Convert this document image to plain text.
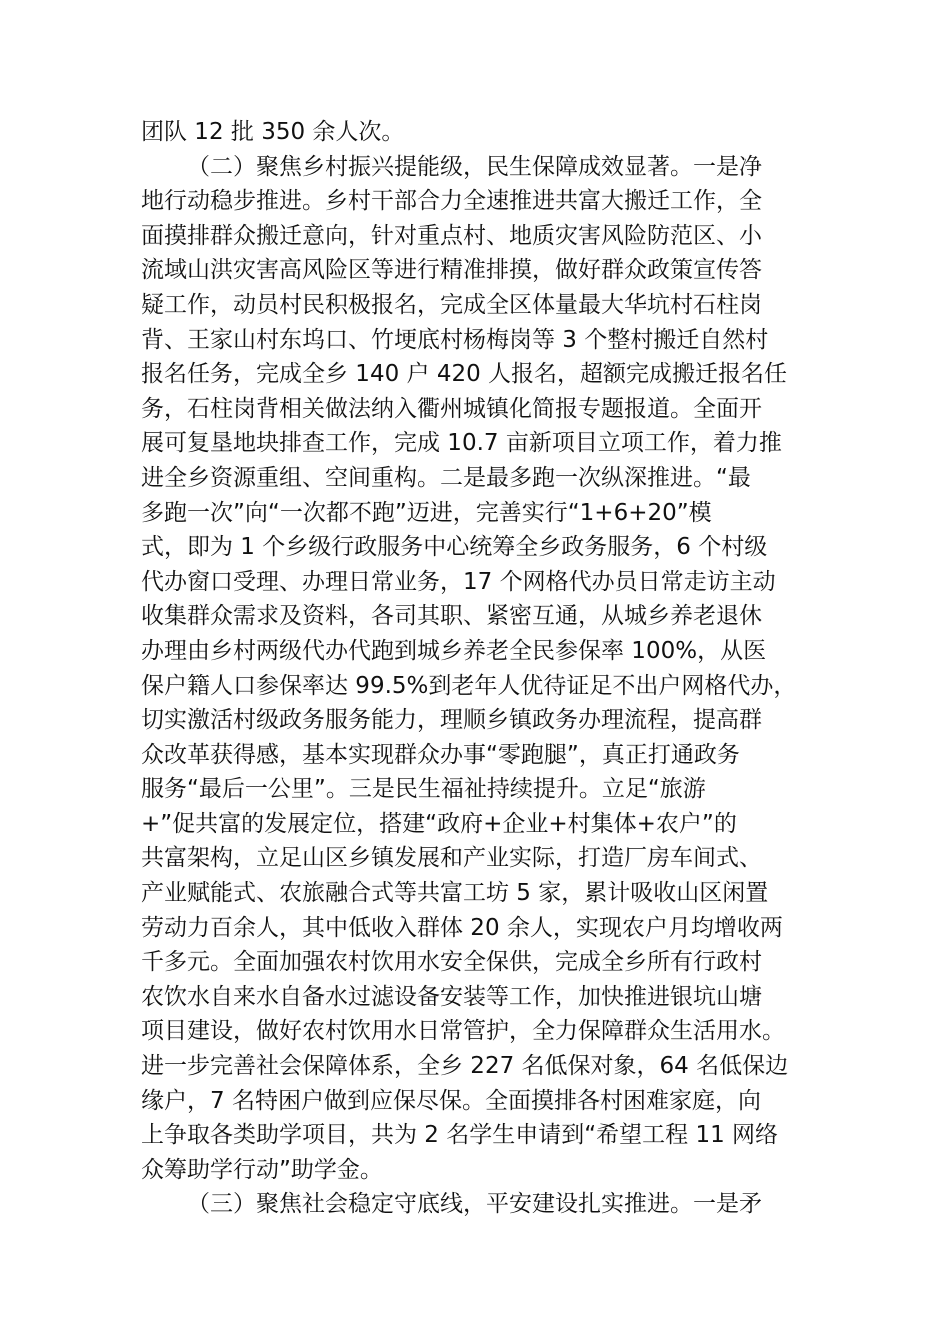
团队 12 批 350 余人次。
（二）聚焦乡村振兴提能级，民生保障成效显著。一是净
地行动稳步推进。乡村干部合力全速推进共富大搬迁工作，全
面摸排群众搬迁意向，针对重点村、地质灾害风险防范区、小
流域山洪灾害高风险区等进行精准排摸，做好群众政策宣传答
疑工作，动员村民积极报名，完成全区体量最大华坑村石柱岗
背、王家山村东坞口、竹埂底村杨梅岗等 3 个整村搬迁自然村
报名任务，完成全乡 140 户 420 人报名，超额完成搬迁报名任
务，石柱岗背相关做法纳入衢州城镇化简报专题报道。全面开
展可复垦地块排查工作，完成 10.7 亩新项目立项工作，着力推
进全乡资源重组、空间重构。二是最多跑一次纵深推进。“最
多跑一次”向“一次都不跑”迈进，完善实行“1+6+20”模
式，即为 1 个乡级行政服务中心统筹全乡政务服务，6 个村级
代办窗口受理、办理日常业务，17 个网格代办员日常走访主动
收集群众需求及资料，各司其职、紧密互通，从城乡养老退休
办理由乡村两级代办代跑到城乡养老全民参保率 100%，从医
保户籍人口参保率达 99.5%到老年人优待证足不出户网格代办，
切实激活村级政务服务能力，理顺乡镇政务办理流程，提高群
众改革获得感，基本实现群众办事“零跑腿”，真正打通政务
服务“最后一公里”。三是民生福祉持续提升。立足“旅游
+”促共富的发展定位，搭建“政府+企业+村集体+农户”的
共富架构，立足山区乡镇发展和产业实际，打造厂房车间式、
产业赋能式、农旅融合式等共富工坊 5 家，累计吸收山区闲置
劳动力百余人，其中低收入群体 20 余人，实现农户月均增收两
千多元。全面加强农村饮用水安全保供，完成全乡所有行政村
农饮水自来水自备水过滤设备安装等工作，加快推进银坑山塘
项目建设，做好农村饮用水日常管护，全力保障群众生活用水。
进一步完善社会保障体系，全乡 227 名低保对象，64 名低保边
缘户，7 名特困户做到应保尽保。全面摸排各村困难家庭，向
上争取各类助学项目，共为 2 名学生申请到“希望工程 11 网络
众筹助学行动”助学金。
（三）聚焦社会稳定守底线，平安建设扎实推进。一是矛
